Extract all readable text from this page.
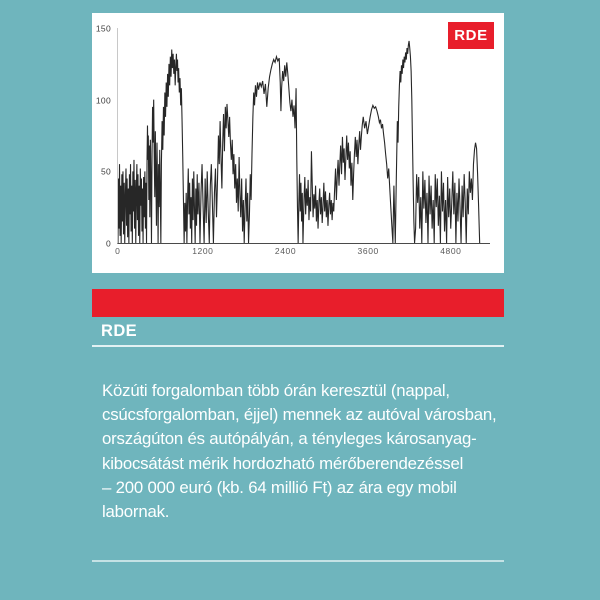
0
50
100
150
0	1200	2400	3600	4800
RDE
RDE
Közúti forgalomban több órán keresztül (nappal,
csúcsforgalomban, éjjel) mennek az autóval városban,
országúton és autópályán, a tényleges károsanyag-
kibocsátást mérik hordozható mérőberendezéssel
– 200 000 euró (kb. 64 millió Ft) az ára egy mobil
labornak.
